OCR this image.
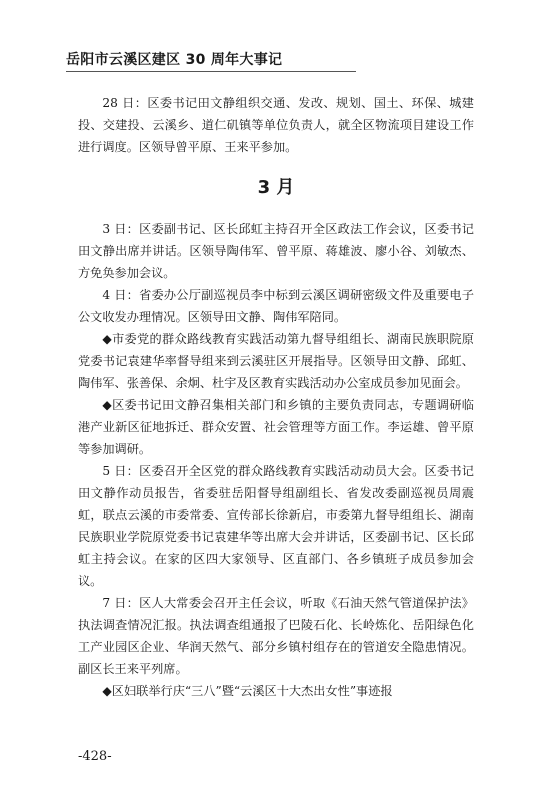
岳阳市云溪区建区 30 周年大事记

28 日：区委书记田文静组织交通、发改、规划、国土、环保、城建投、交建投、云溪乡、道仁矶镇等单位负责人，就全区物流项目建设工作进行调度。区领导曾平原、王来平参加。

3 月

3 日：区委副书记、区长邱虹主持召开全区政法工作会议，区委书记田文静出席并讲话。区领导陶伟军、曾平原、蒋雄波、廖小谷、刘敏杰、方免奂参加会议。

4 日：省委办公厅副巡视员李中标到云溪区调研密级文件及重要电子公文收发办理情况。区领导田文静、陶伟军陪同。

◆市委党的群众路线教育实践活动第九督导组组长、湖南民族职院原党委书记袁建华率督导组来到云溪驻区开展指导。区领导田文静、邱虹、陶伟军、张善保、余炯、杜宇及区教育实践活动办公室成员参加见面会。

◆区委书记田文静召集相关部门和乡镇的主要负责同志，专题调研临港产业新区征地拆迁、群众安置、社会管理等方面工作。李运雄、曾平原等参加调研。

5 日：区委召开全区党的群众路线教育实践活动动员大会。区委书记田文静作动员报告，省委驻岳阳督导组副组长、省发改委副巡视员周震虹，联点云溪的市委常委、宣传部长徐新启，市委第九督导组组长、湖南民族职业学院原党委书记袁建华等出席大会并讲话，区委副书记、区长邱虹主持会议。在家的区四大家领导、区直部门、各乡镇班子成员参加会议。

7 日：区人大常委会召开主任会议，听取《石油天然气管道保护法》执法调查情况汇报。执法调查组通报了巴陵石化、长岭炼化、岳阳绿色化工产业园区企业、华润天然气、部分乡镇村组存在的管道安全隐患情况。副区长王来平列席。

◆区妇联举行庆“三八”暨“云溪区十大杰出女性”事迹报

-428-
